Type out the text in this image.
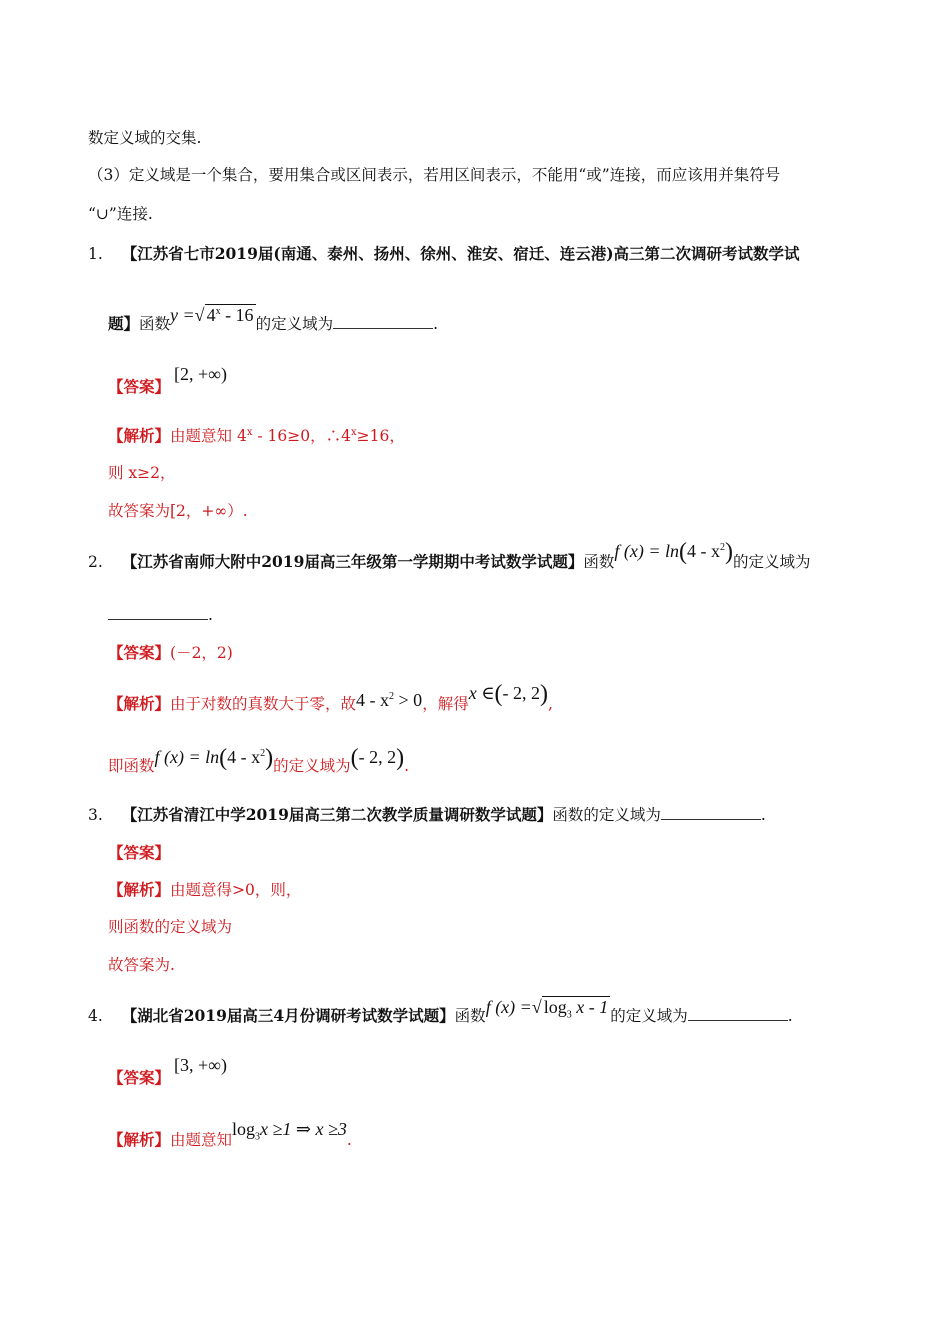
数定义域的交集.
（3）定义域是一个集合，要用集合或区间表示，若用区间表示，不能用“或”连接，而应该用并集符号
“∪”连接.
1. 【江苏省七市2019届(南通、泰州、扬州、徐州、淮安、宿迁、连云港)高三第二次调研考试数学试
题】函数y =√ 4$^x$ - 16 的定义域为	.
【答案】[2, +∞)
【解析】由题意知 4$^x$ - 16≥0，$\therefore 4^x\ge 16$，
则 x≥2，
故答案为[2，+∞）.
2. 【江苏省南师大附中2019届高三年级第一学期期中考试数学试题】函数f $(x) = \ln(4 - x^2)$的定义域为
.
【答案】(－2，2)
【解析】由于对数的真数大于零，故$4 - x^2 > 0$，解得x ∈(- 2, 2),
即函数f $(x) = \ln(4 - x^2)$的定义域为(- 2, 2).
3. 【江苏省清江中学2019届高三第二次教学质量调研数学试题】函数的定义域为	.
【答案】
【解析】由题意得>0，则，
则函数的定义域为
故答案为.
4. 【湖北省2019届高三4月份调研考试数学试题】函数f (x) =√ $\log_3 x - 1$ 的定义域为	.
【答案】[3, +∞)
【解析】由题意知$\log_3x \ge 1$ ⇒ x ≥3.
